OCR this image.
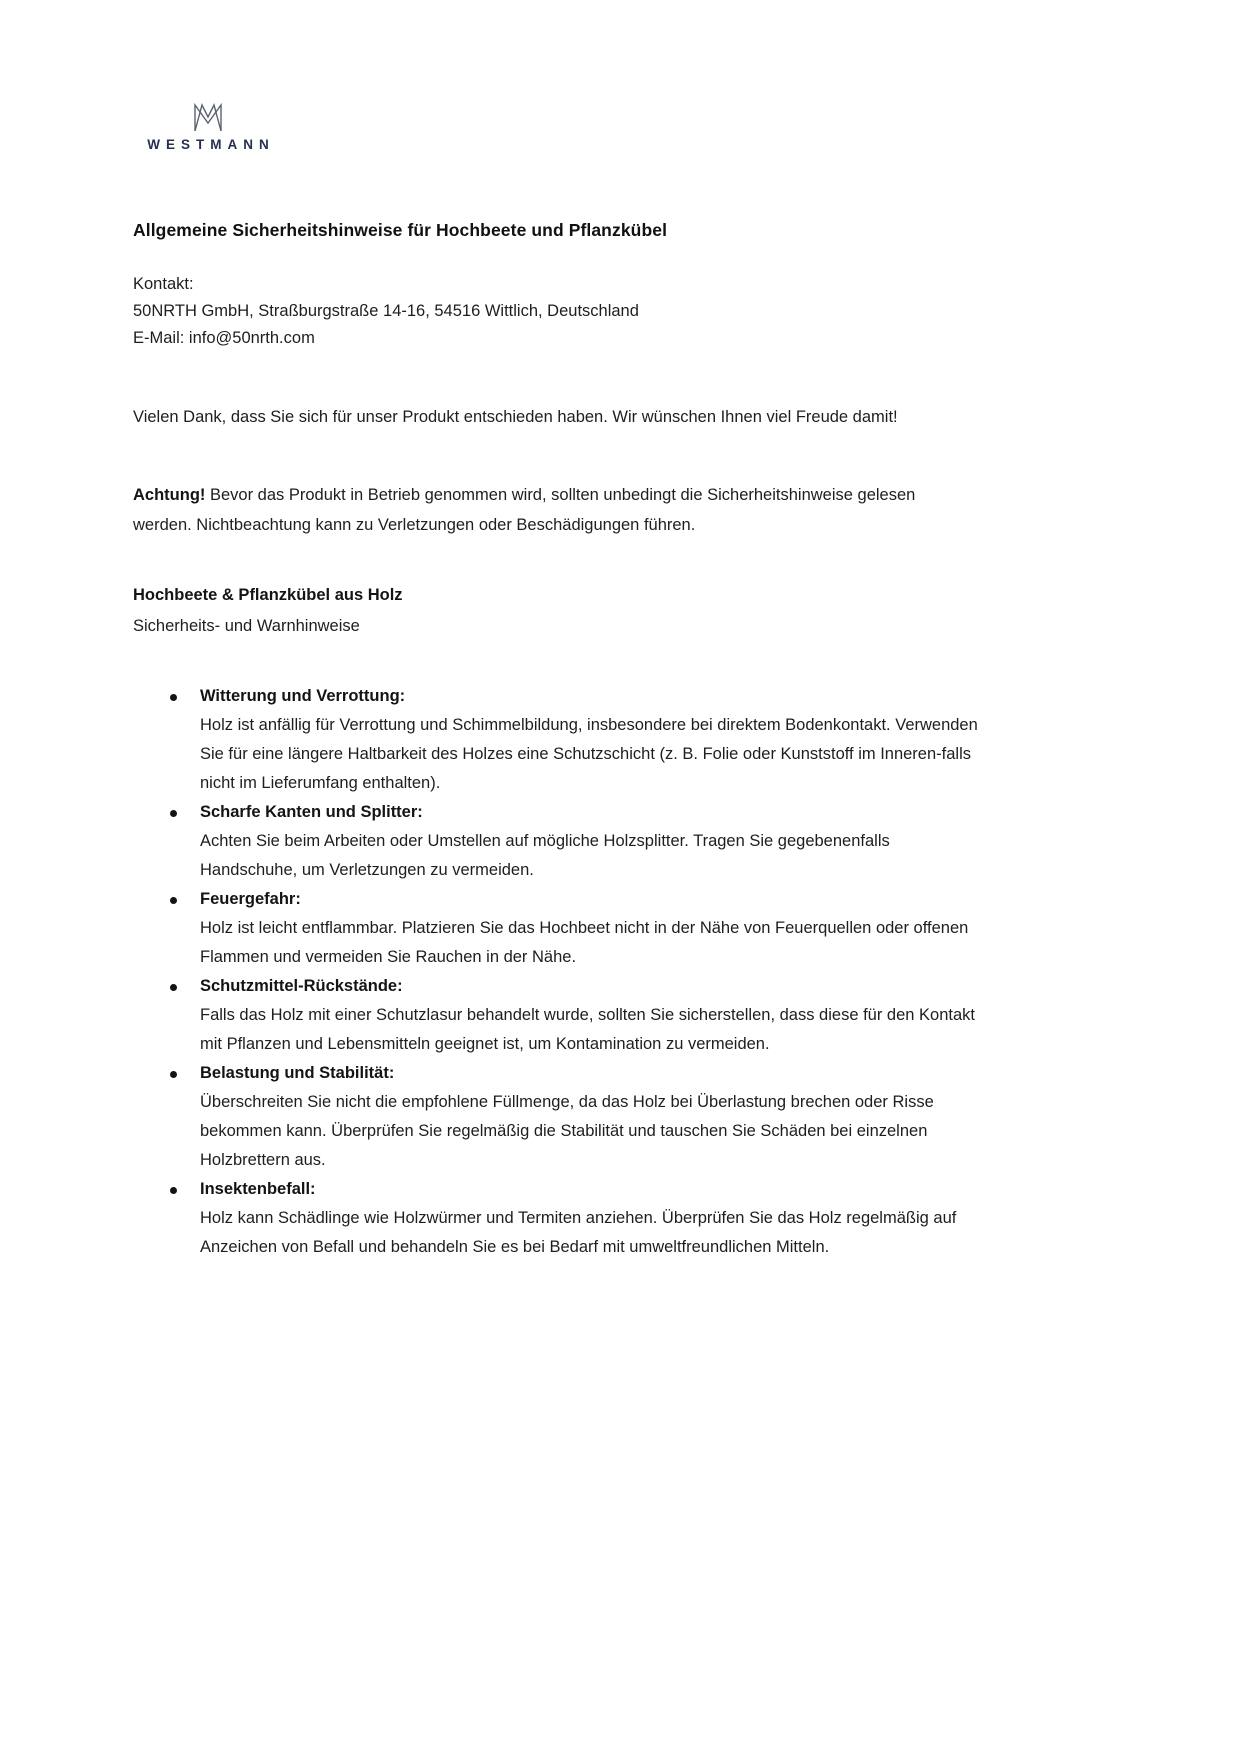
WESTMANN
Allgemeine Sicherheitshinweise für Hochbeete und Pflanzkübel
Kontakt:
50NRTH GmbH, Straßburgstraße 14-16, 54516 Wittlich, Deutschland
E-Mail: info@50nrth.com

Vielen Dank, dass Sie sich für unser Produkt entschieden haben. Wir wünschen Ihnen viel Freude damit!

Achtung! Bevor das Produkt in Betrieb genommen wird, sollten unbedingt die Sicherheitshinweise gelesen werden. Nichtbeachtung kann zu Verletzungen oder Beschädigungen führen.

Hochbeete & Pflanzkübel aus Holz
Sicherheits- und Warnhinweise
Witterung und Verrottung:
Holz ist anfällig für Verrottung und Schimmelbildung, insbesondere bei direktem Bodenkontakt. Verwenden Sie für eine längere Haltbarkeit des Holzes eine Schutzschicht (z. B. Folie oder Kunststoff im Inneren-falls nicht im Lieferumfang enthalten).
Scharfe Kanten und Splitter:
Achten Sie beim Arbeiten oder Umstellen auf mögliche Holzsplitter. Tragen Sie gegebenenfalls Handschuhe, um Verletzungen zu vermeiden.
Feuergefahr:
Holz ist leicht entflammbar. Platzieren Sie das Hochbeet nicht in der Nähe von Feuerquellen oder offenen Flammen und vermeiden Sie Rauchen in der Nähe.
Schutzmittel-Rückstände:
Falls das Holz mit einer Schutzlasur behandelt wurde, sollten Sie sicherstellen, dass diese für den Kontakt mit Pflanzen und Lebensmitteln geeignet ist, um Kontamination zu vermeiden.
Belastung und Stabilität:
Überschreiten Sie nicht die empfohlene Füllmenge, da das Holz bei Überlastung brechen oder Risse bekommen kann. Überprüfen Sie regelmäßig die Stabilität und tauschen Sie Schäden bei einzelnen Holzbrettern aus.
Insektenbefall:
Holz kann Schädlinge wie Holzwürmer und Termiten anziehen. Überprüfen Sie das Holz regelmäßig auf Anzeichen von Befall und behandeln Sie es bei Bedarf mit umweltfreundlichen Mitteln.
